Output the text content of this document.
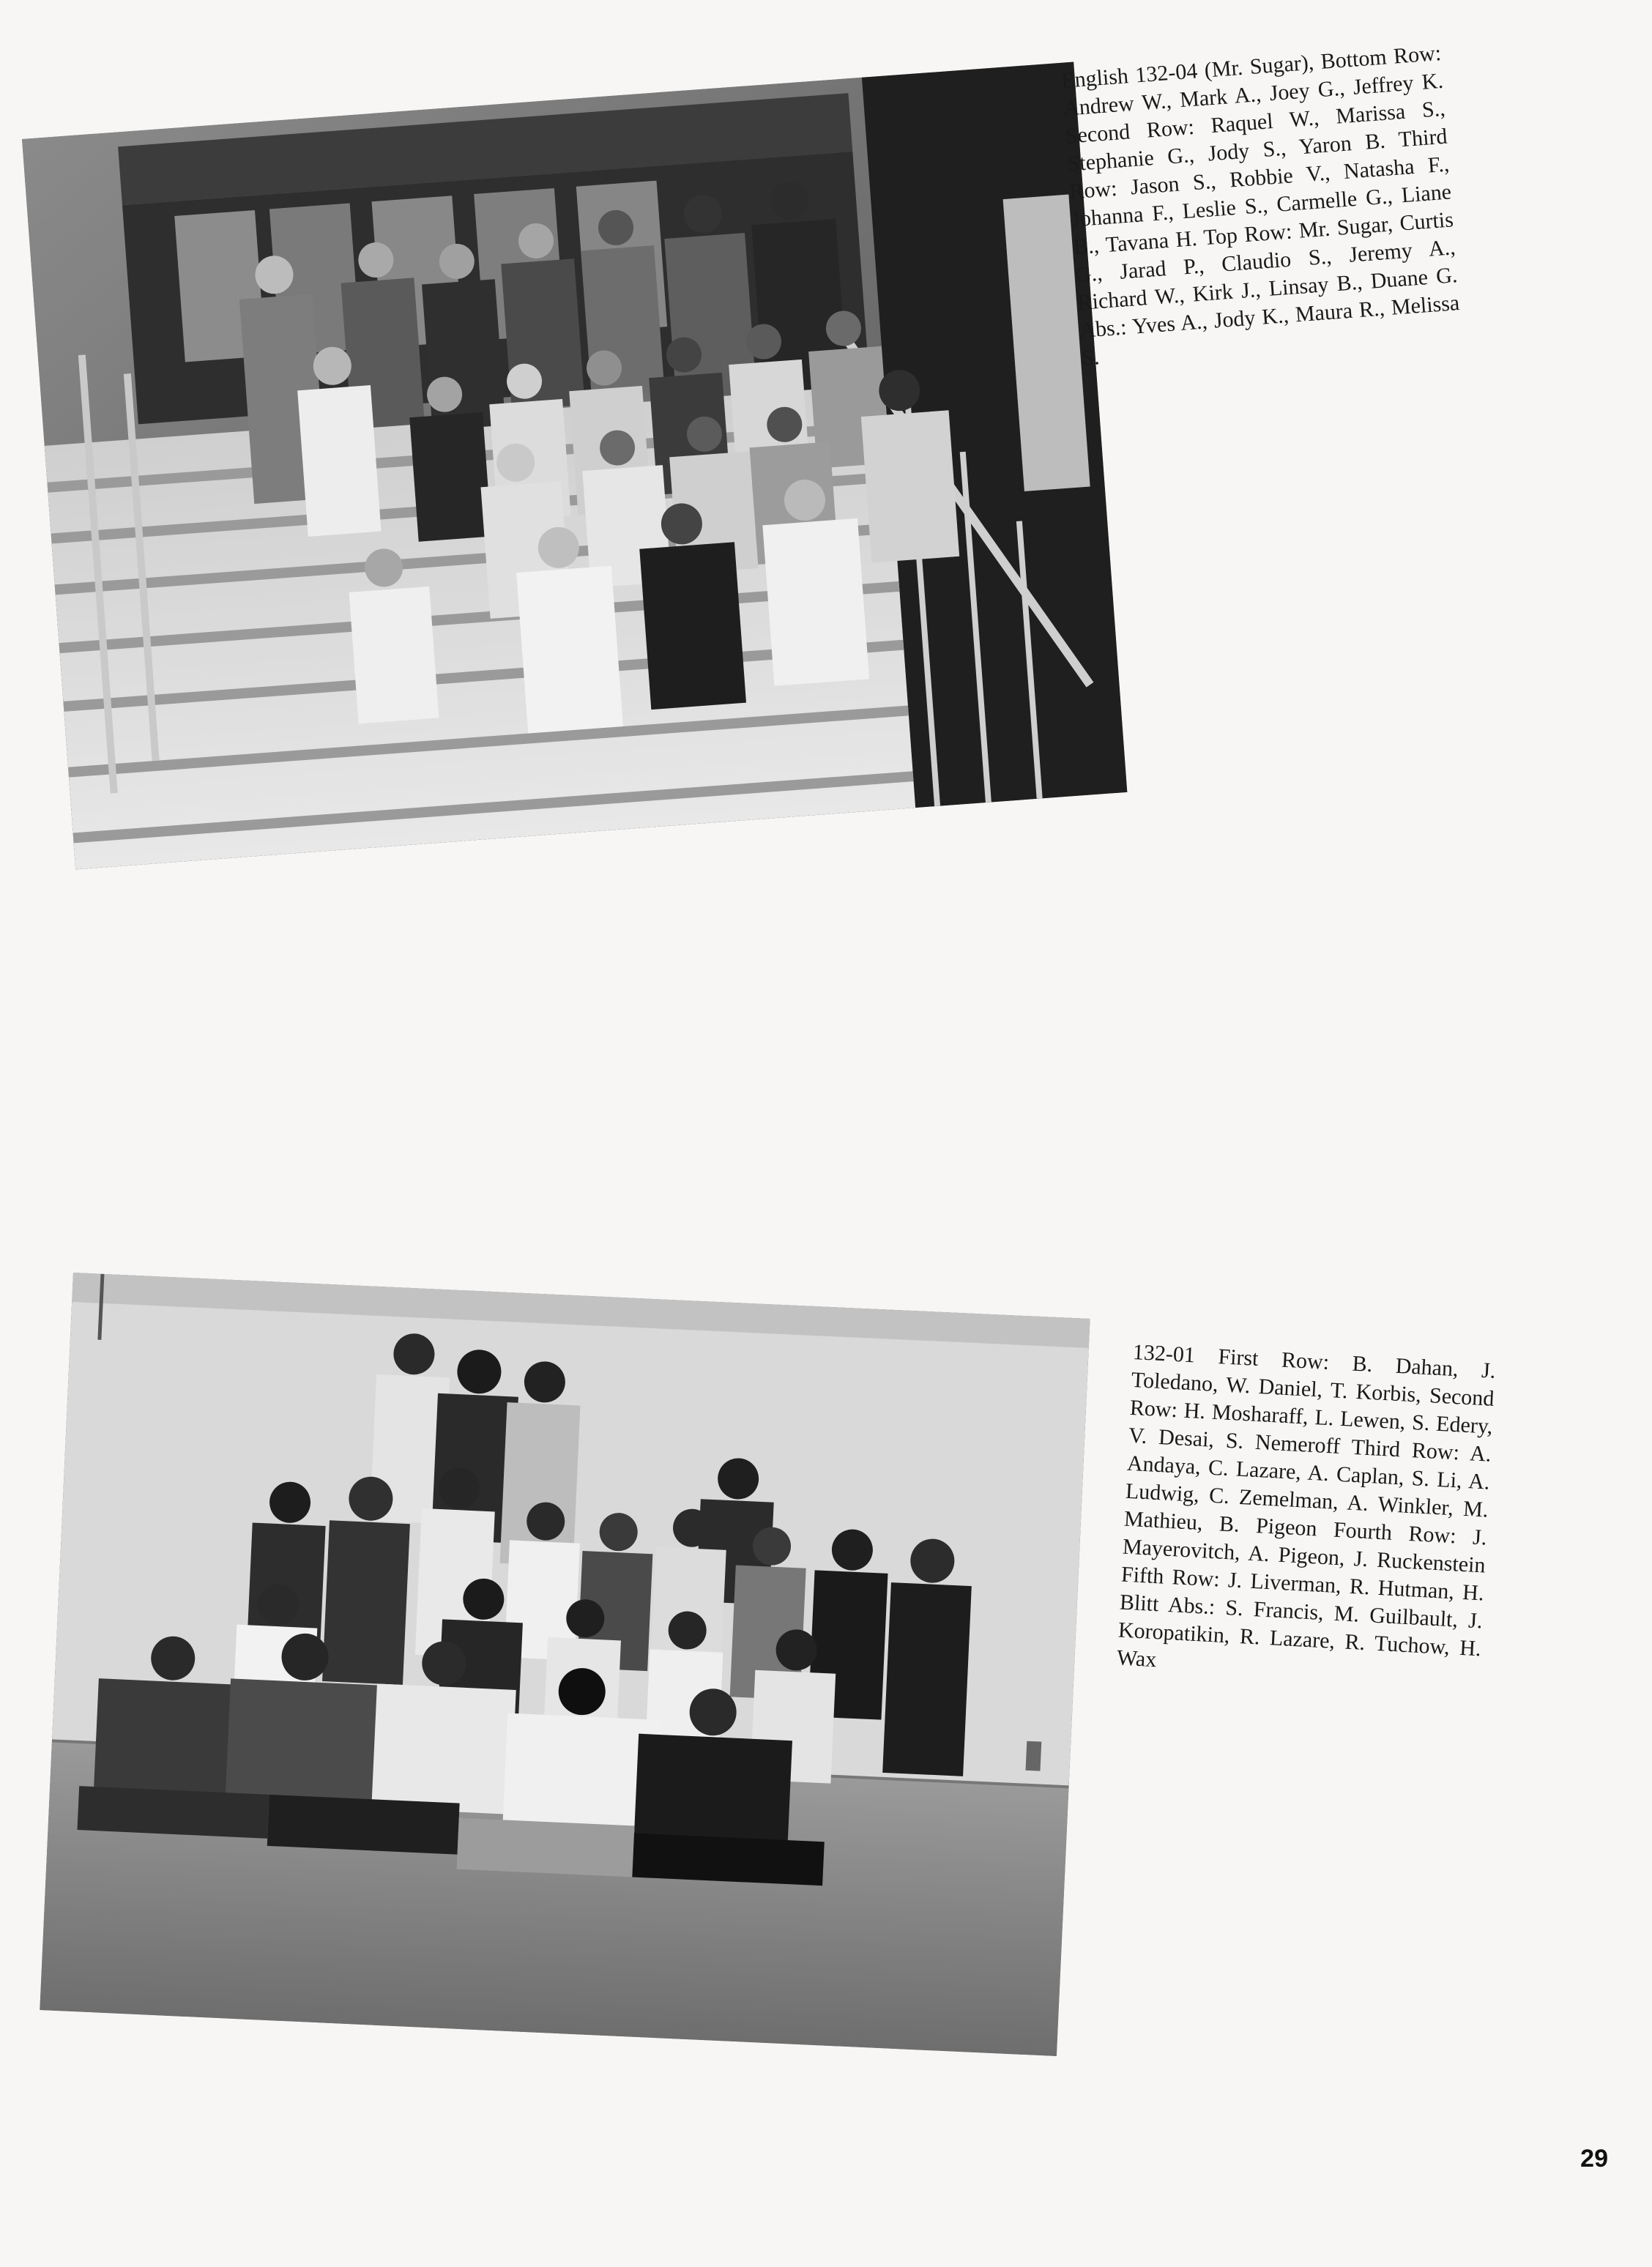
English 132-04 (Mr. Sugar), Bottom Row: Andrew W., Mark A., Joey G., Jeffrey K. Second Row: Raquel W., Marissa S., Stephanie G., Jody S., Yaron B. Third Row: Jason S., Robbie V., Natasha F., Johanna F., Leslie S., Carmelle G., Liane B., Tavana H. Top Row: Mr. Sugar, Curtis G., Jarad P., Claudio S., Jeremy A., Richard W., Kirk J., Linsay B., Duane G. Abs.: Yves A., Jody K., Maura R., Melissa S.

132-01 First Row: B. Dahan, J. Toledano, W. Daniel, T. Korbis, Second Row: H. Mosharaff, L. Lewen, S. Edery, V. Desai, S. Nemeroff Third Row: A. Andaya, C. Lazare, A. Caplan, S. Li, A. Ludwig, C. Zemelman, A. Winkler, M. Mathieu, B. Pigeon Fourth Row: J. Mayerovitch, A. Pigeon, J. Ruckenstein Fifth Row: J. Liverman, R. Hutman, H. Blitt Abs.: S. Francis, M. Guilbault, J. Koropatikin, R. Lazare, R. Tuchow, H. Wax

29
